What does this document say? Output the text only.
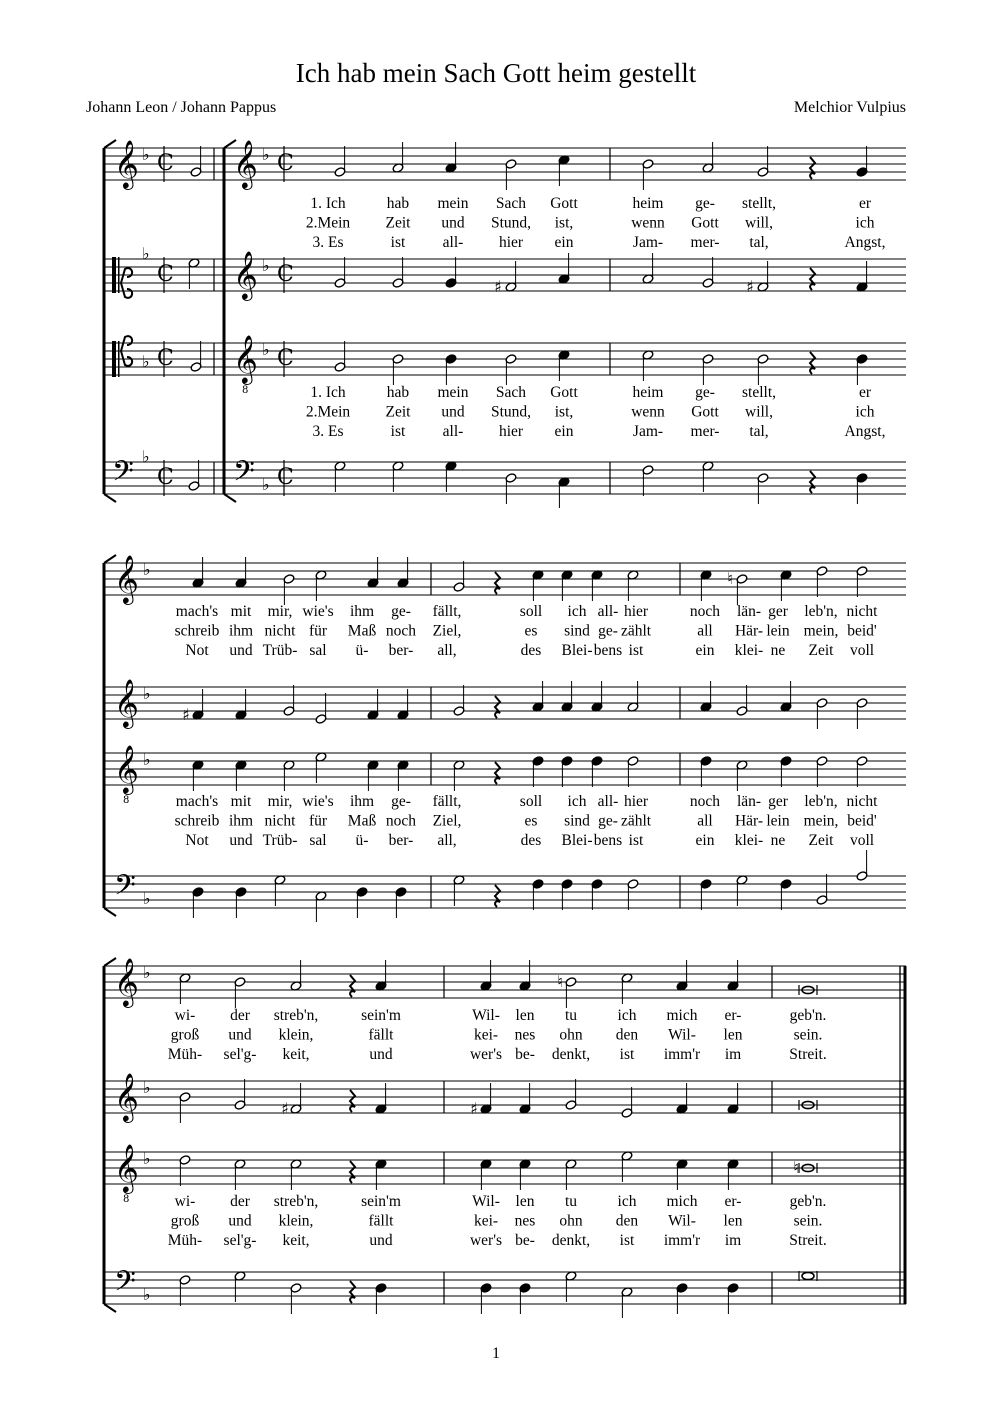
Ich hab mein Sach Gott heim gestellt
Johann Leon / Johann Pappus	Melchior Vulpius
𝄞 ♭ C
♭
C
♭ C
𝄢 ♭
C
𝄞 ♭ C
𝄞 ♭ C
𝄞
8
♭ C
𝄢 ♭ C
♯	♯
1. Ich	hab mein Sach Gott	heim ge- stellt,	er
2.Mein Zeit und Stund, ist,	wenn Gott will,	ich
3. Es	ist all- hier ein	Jam- mer- tal,	Angst,
1. Ich	hab mein Sach Gott	heim ge- stellt,	er
2.Mein Zeit und Stund, ist,	wenn Gott will,	ich
3. Es	ist all- hier ein	Jam- mer- tal,	Angst,
𝄞 ♭
𝄞 ♭
𝄞
8
♭
𝄢 ♭
♮
♯
mach's mit mir, wie's ihm ge- fällt,	soll ich all- hier	noch län- ger leb'n, nicht
schreib ihm nicht für Maß noch Ziel,	es sind ge- zählt	all Här- lein mein, beid'
Not und Trüb- sal ü- ber- all,	des Blei- bens ist	ein klei- ne Zeit voll
mach's mit mir, wie's ihm ge- fällt,	soll ich all- hier	noch län- ger leb'n, nicht
schreib ihm nicht für Maß noch Ziel,	es sind ge- zählt	all Här- lein mein, beid'
Not und Trüb- sal ü- ber- all,	des Blei- bens ist	ein klei- ne Zeit voll
𝄞 ♭
𝄞 ♭
𝄞
8
♭
𝄢 ♭
♮
♯	♯
♮
wi- der streb'n,	sein'm	Wil- len tu	ich mich er-	geb'n.
groß und klein,	fällt	kei- nes ohn den Wil- len	sein.
Müh- sel'g- keit,	und	wer's be- denkt, ist imm'r im	Streit.
wi- der streb'n,	sein'm	Wil- len tu	ich mich er-	geb'n.
groß und klein,	fällt	kei- nes ohn den Wil- len	sein.
Müh- sel'g- keit,	und	wer's be- denkt, ist imm'r im	Streit.
1
